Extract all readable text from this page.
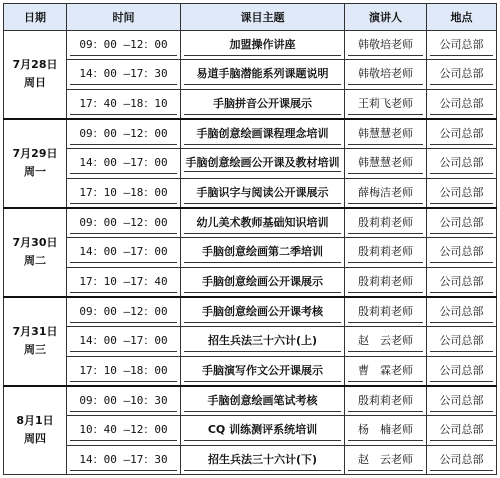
日期	时间	课目主题	演讲人	地点

7月28日
周日	09：00 —12：00	加盟操作讲座	韩敬培老师	公司总部

	14：00 —17：30	易道手脑潜能系列课题说明	韩敬培老师	公司总部

	17：40 —18：10	手脑拼音公开课展示	王莉飞老师	公司总部

7月29日
周一	09：00 —12：00	手脑创意绘画课程理念培训	韩慧慧老师	公司总部

	14：00 —17：00	手脑创意绘画公开课及教材培训	韩慧慧老师	公司总部

	17：10 —18：00	手脑识字与阅读公开课展示	薛梅洁老师	公司总部

7月30日
周二	09：00 —12：00	幼儿美术教师基础知识培训	殷莉莉老师	公司总部

	14：00 —17：00	手脑创意绘画第二季培训	殷莉莉老师	公司总部

	17：10 —17：40	手脑创意绘画公开课展示	殷莉莉老师	公司总部

7月31日
周三	09：00 —12：00	手脑创意绘画公开课考核	殷莉莉老师	公司总部

	14：00 —17：00	招生兵法三十六计(上)	赵　云老师	公司总部

	17：10 —18：00	手脑演写作文公开课展示	曹　霖老师	公司总部

8月1日
周四	09：00 —10：30	手脑创意绘画笔试考核	殷莉莉老师	公司总部

	10：40 —12：00	CQ 训练测评系统培训	杨　楠老师	公司总部

	14：00 —17：30	招生兵法三十六计(下)	赵　云老师	公司总部
